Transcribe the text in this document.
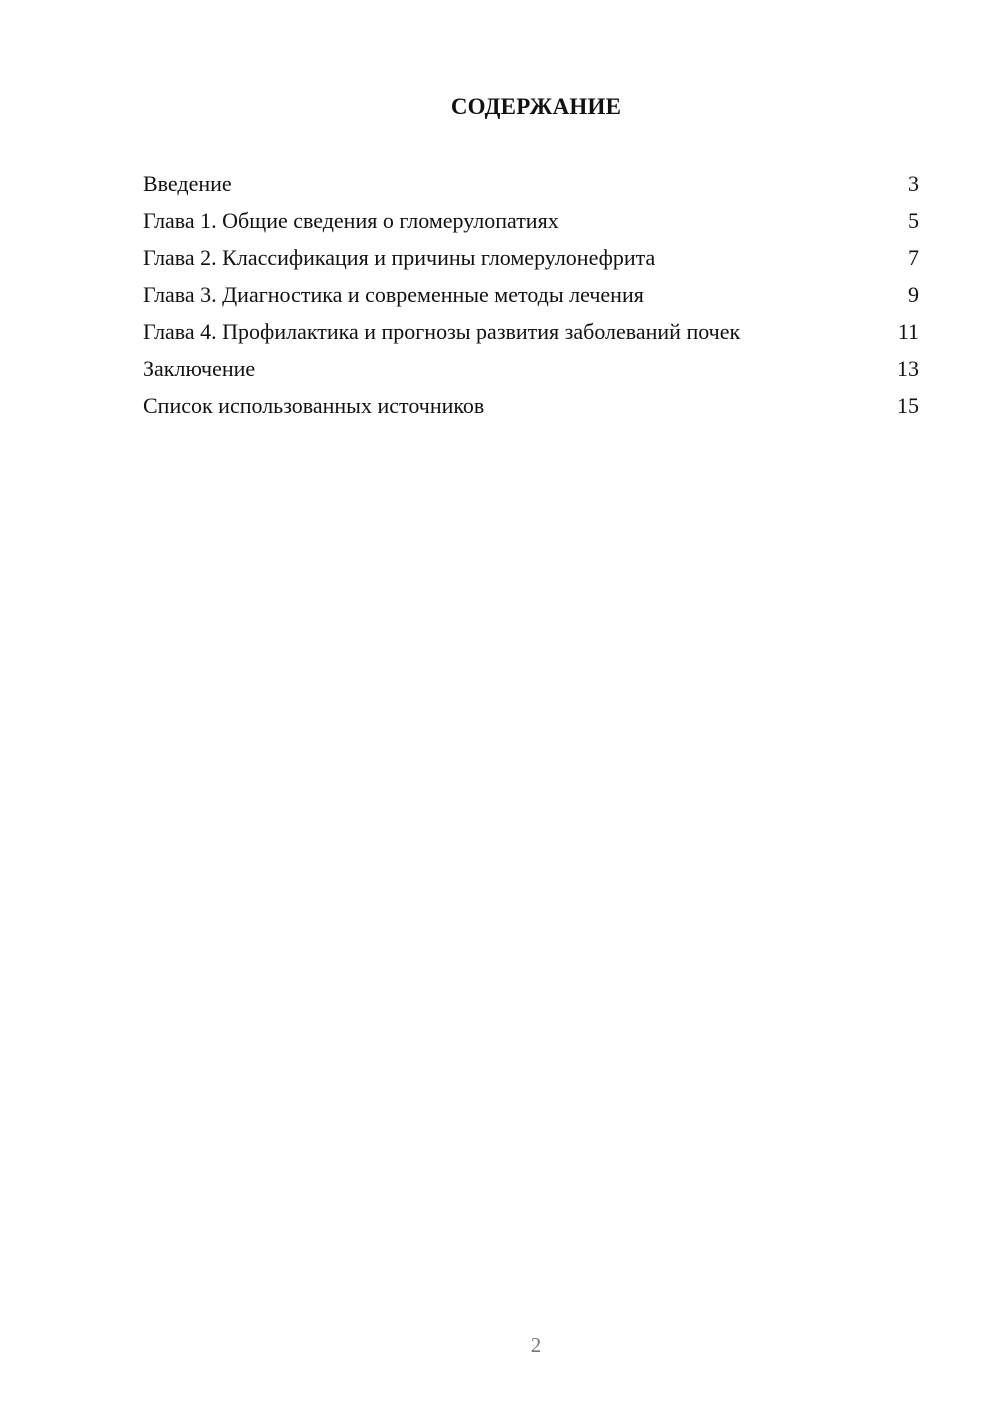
СОДЕРЖАНИЕ
Введение	3
Глава 1. Общие сведения о гломерулопатиях	5
Глава 2. Классификация и причины гломерулонефрита	7
Глава 3. Диагностика и современные методы лечения	9
Глава 4. Профилактика и прогнозы развития заболеваний почек	11
Заключение	13
Список использованных источников	15
2
